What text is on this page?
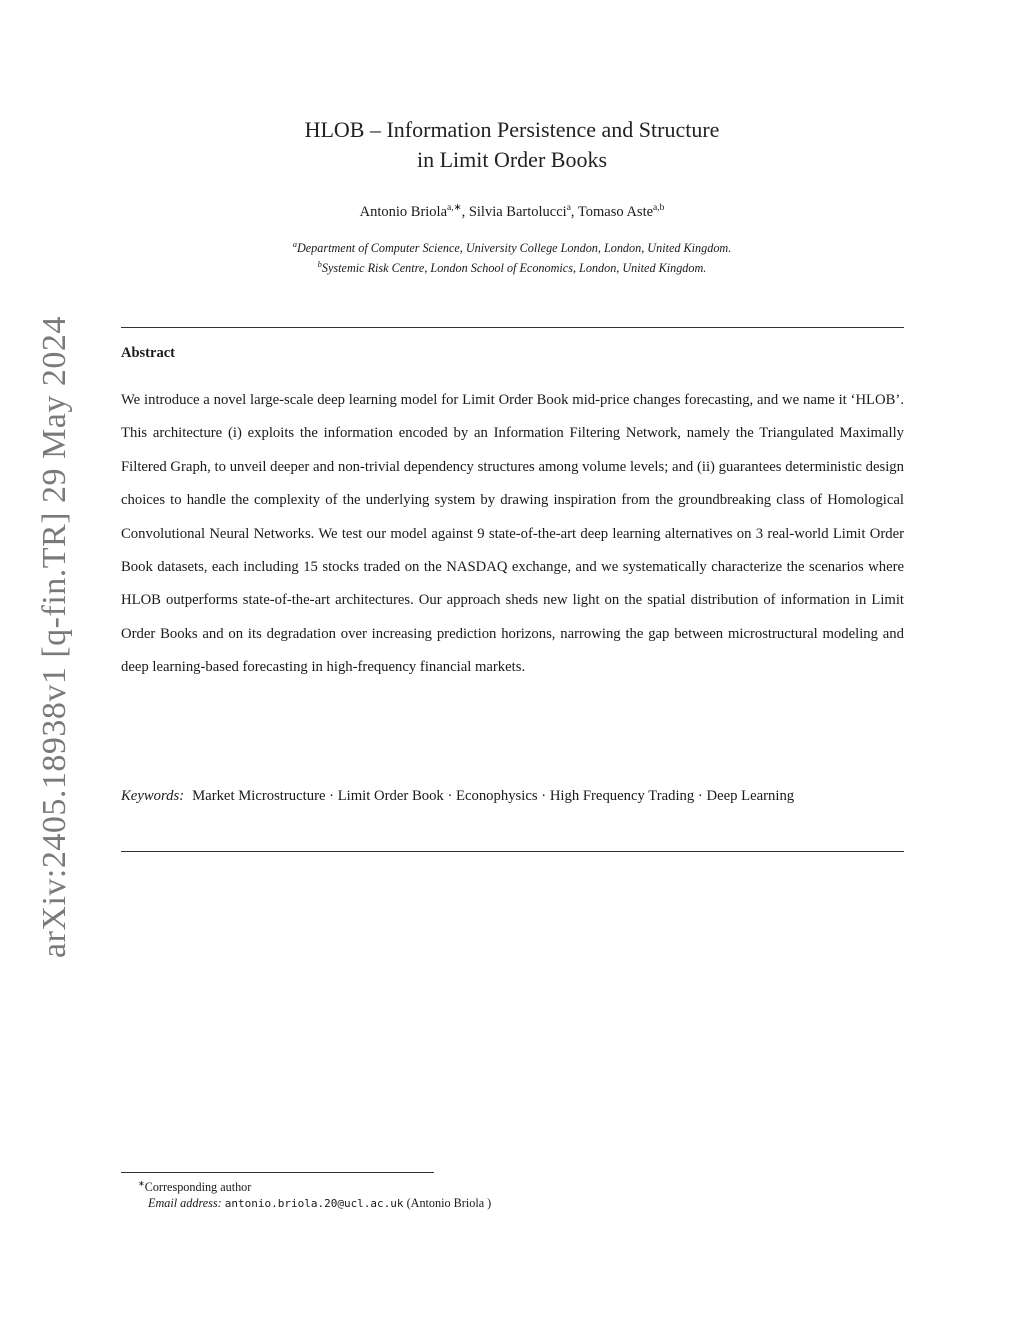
arXiv:2405.18938v1 [q-fin.TR] 29 May 2024
HLOB – Information Persistence and Structure
in Limit Order Books
Antonio Briola$^{a,∗}$, Silvia Bartolucci$^a$, Tomaso Aste$^{a,b}$
$^a$Department of Computer Science, University College London, London, United Kingdom.
$^b$Systemic Risk Centre, London School of Economics, London, United Kingdom.
Abstract
We introduce a novel large-scale deep learning model for Limit Order Book mid-price changes forecasting, and we name it ‘HLOB’. This architecture (i) exploits the information encoded by an Information Filtering Network, namely the Triangulated Maximally Filtered Graph, to unveil deeper and non-trivial dependency structures among volume levels; and (ii) guarantees deterministic design choices to handle the complexity of the underlying system by drawing inspiration from the groundbreaking class of Homological Convolutional Neural Networks. We test our model against 9 state-of-the-art deep learning alternatives on 3 real-world Limit Order Book datasets, each including 15 stocks traded on the NASDAQ exchange, and we systematically characterize the scenarios where HLOB outperforms state-of-the-art architectures. Our approach sheds new light on the spatial distribution of information in Limit Order Books and on its degradation over increasing prediction horizons, narrowing the gap between microstructural modeling and deep learning-based forecasting in high-frequency financial markets.
Keywords: Market Microstructure · Limit Order Book · Econophysics · High Frequency Trading · Deep Learning
∗Corresponding author
Email address: antonio.briola.20@ucl.ac.uk (Antonio Briola )
